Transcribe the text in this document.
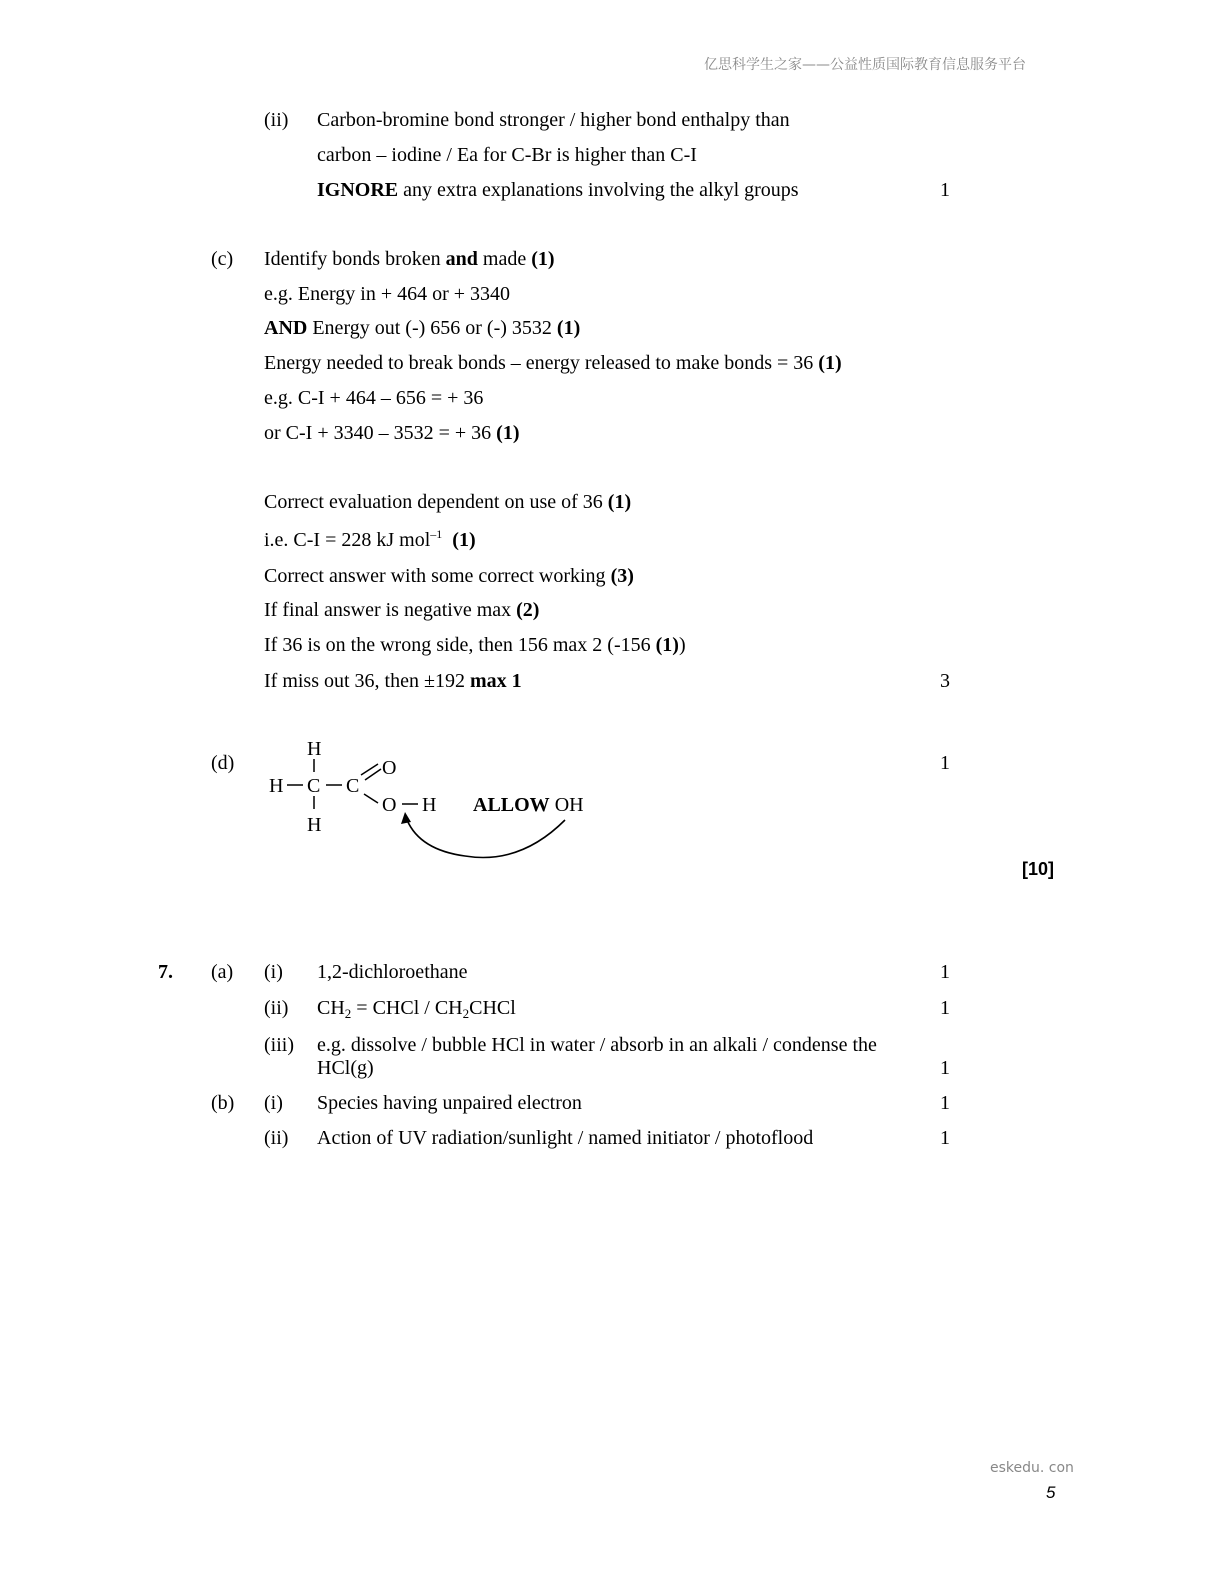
亿思科学生之家——公益性质国际教育信息服务平台
(ii) Carbon-bromine bond stronger / higher bond enthalpy than
carbon – iodine / Ea for C-Br is higher than C-I
IGNORE any extra explanations involving the alkyl groups	1
(c) Identify bonds broken and made (1)
e.g. Energy in + 464 or + 3340
AND Energy out (-) 656 or (-) 3532 (1)
Energy needed to break bonds – energy released to make bonds = 36 (1)
e.g. C-I + 464 – 656 = + 36
or C-I + 3340 – 3532 = + 36 (1)
Correct evaluation dependent on use of 36 (1)
i.e. C-I = 228 kJ mol$^{-1}$ (1)
Correct answer with some correct working (3)
If final answer is negative max (2)
If 36 is on the wrong side, then 156 max 2 (-156 (1))
If miss out 36, then ±192 max 1	3
(d)	1
H
H C C
O
O H
H
ALLOW OH
[10]
7. (a) (i) 1,2-dichloroethane	1
(ii) $CH_2$ = CHCl / $CH_2CHCl$	1
(iii) e.g. dissolve / bubble HCl in water / absorb in an alkali / condense the
HCl(g)	1
(b) (i) Species having unpaired electron	1
(ii) Action of UV radiation/sunlight / named initiator / photoflood	1
eskedu. con
5
